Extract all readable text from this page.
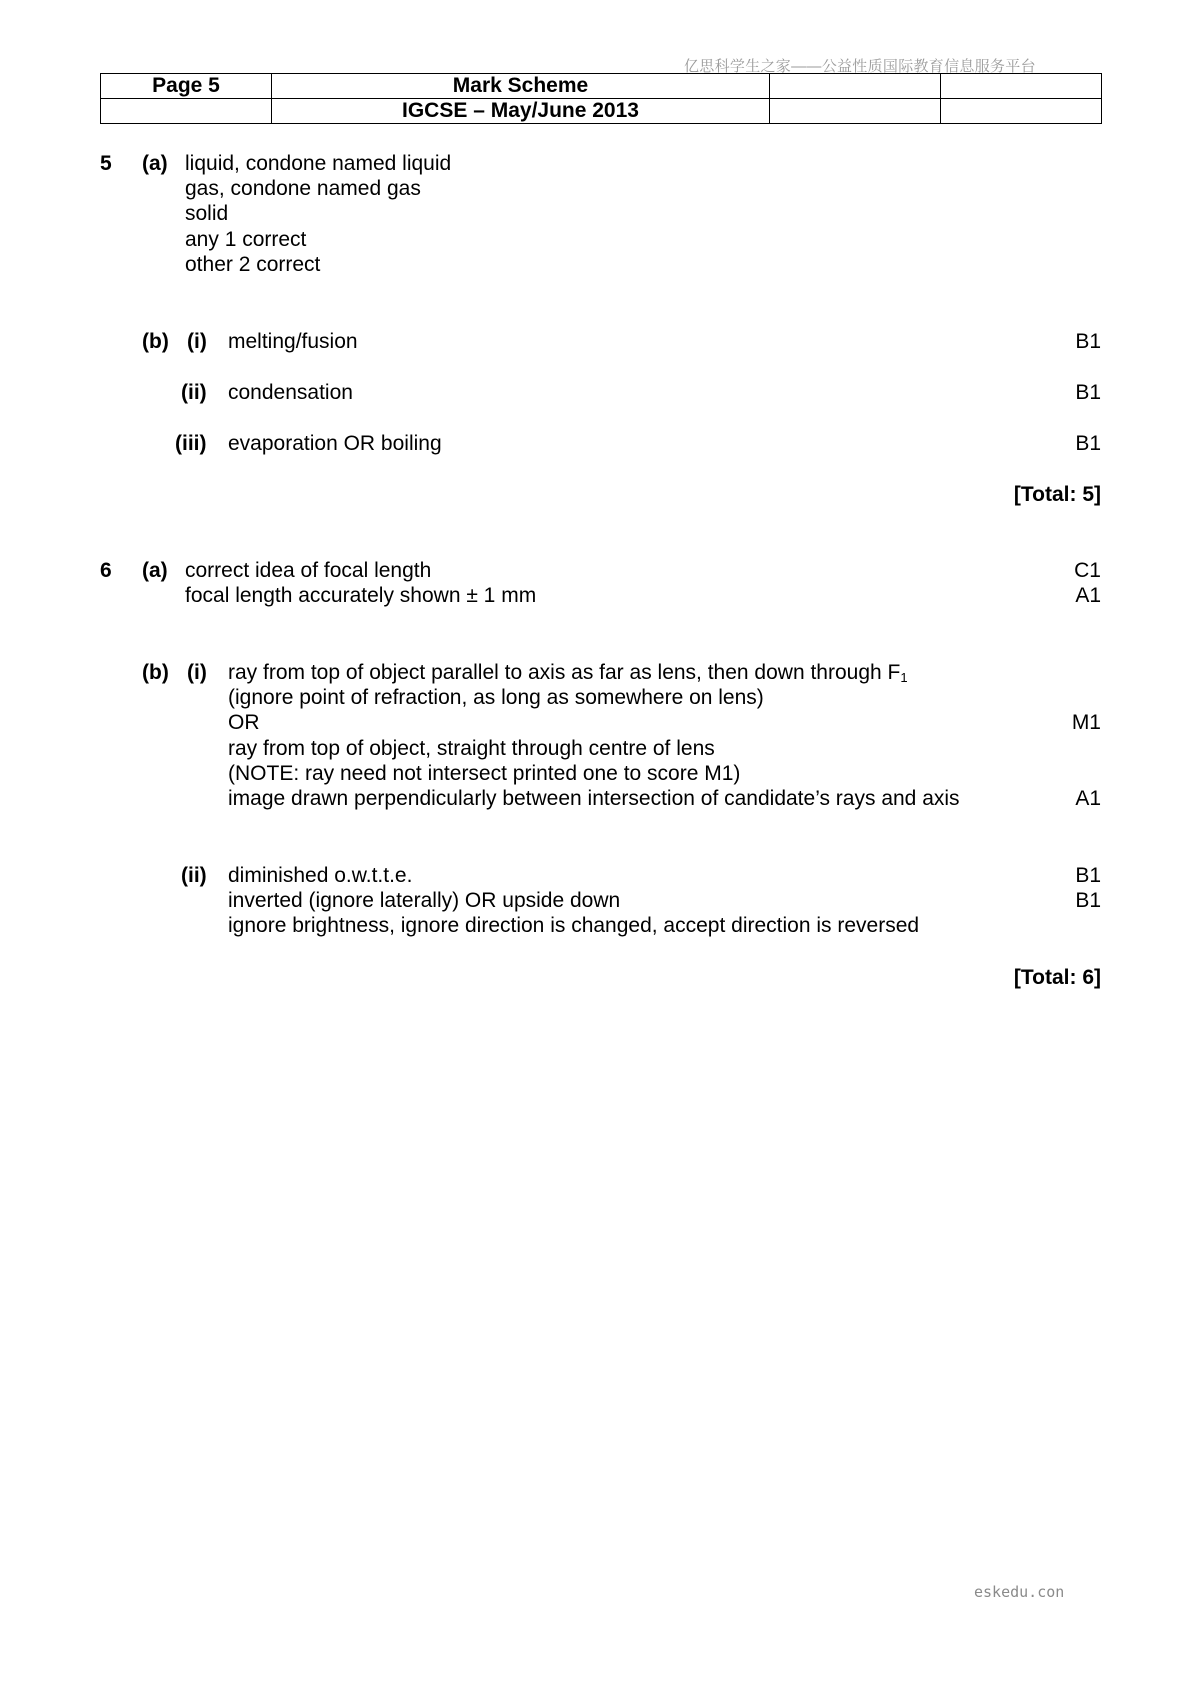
亿思科学生之家——公益性质国际教育信息服务平台
Page 5	Mark Scheme		
	IGCSE – May/June 2013		
5 (a) liquid, condone named liquid
gas, condone named gas
solid
any 1 correct
other 2 correct
(b) (i) melting/fusion	B1
(ii) condensation	B1
(iii) evaporation OR boiling	B1
[Total: 5]
6 (a) correct idea of focal length	C1
focal length accurately shown ± 1 mm	A1
(b) (i) ray from top of object parallel to axis as far as lens, then down through $F_1$
(ignore point of refraction, as long as somewhere on lens)
OR	M1
ray from top of object, straight through centre of lens
(NOTE: ray need not intersect printed one to score M1)
image drawn perpendicularly between intersection of candidate’s rays and axis	A1
(ii) diminished o.w.t.t.e.	B1
inverted (ignore laterally) OR upside down	B1
ignore brightness, ignore direction is changed, accept direction is reversed
[Total: 6]
eskedu.con
